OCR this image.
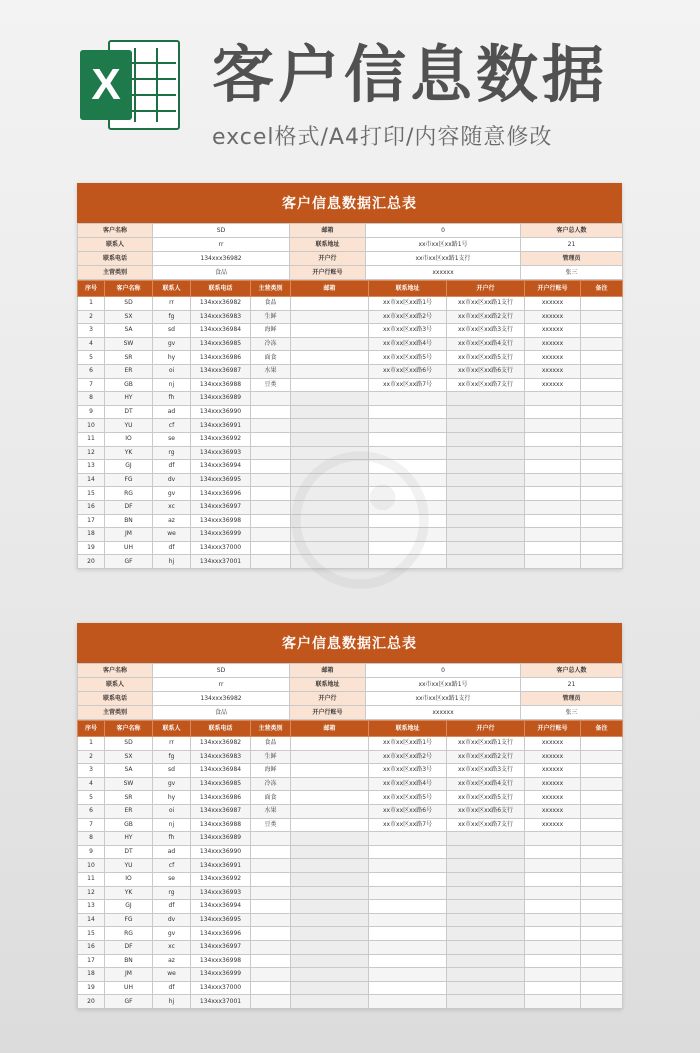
X 客户信息数据
excel格式/A4打印/内容随意修改
客户信息数据汇总表
客户名称	SD	邮箱	0	客户总人数
联系人	rr	联系地址	xx市xx区xx路1号	21
联系电话	134xxx36982	开户行	xx市xx区xx路1支行	管理员
主营类别	食品	开户行账号	xxxxxx	张三
序号	客户名称	联系人	联系电话	主营类别	邮箱	联系地址	开户行	开户行账号	备注
1	SD	rr	134xxx36982	食品		xx市xx区xx路1号	xx市xx区xx路1支行	xxxxxx	
2	SX	fg	134xxx36983	生鲜		xx市xx区xx路2号	xx市xx区xx路2支行	xxxxxx	
3	SA	sd	134xxx36984	海鲜		xx市xx区xx路3号	xx市xx区xx路3支行	xxxxxx	
4	SW	gv	134xxx36985	冷冻		xx市xx区xx路4号	xx市xx区xx路4支行	xxxxxx	
5	SR	hy	134xxx36986	面食		xx市xx区xx路5号	xx市xx区xx路5支行	xxxxxx	
6	ER	oi	134xxx36987	水果		xx市xx区xx路6号	xx市xx区xx路6支行	xxxxxx	
7	GB	nj	134xxx36988	豆类		xx市xx区xx路7号	xx市xx区xx路7支行	xxxxxx	
8	HY	fh	134xxx36989						
9	DT	ad	134xxx36990						
10	YU	cf	134xxx36991						
11	IO	se	134xxx36992						
12	YK	rg	134xxx36993						
13	GJ	df	134xxx36994						
14	FG	dv	134xxx36995						
15	RG	gv	134xxx36996						
16	DF	xc	134xxx36997						
17	BN	az	134xxx36998						
18	JM	we	134xxx36999						
19	UH	df	134xxx37000						
20	GF	hj	134xxx37001						
客户信息数据汇总表
客户名称	SD	邮箱	0	客户总人数
联系人	rr	联系地址	xx市xx区xx路1号	21
联系电话	134xxx36982	开户行	xx市xx区xx路1支行	管理员
主营类别	食品	开户行账号	xxxxxx	张三
序号	客户名称	联系人	联系电话	主营类别	邮箱	联系地址	开户行	开户行账号	备注
1	SD	rr	134xxx36982	食品		xx市xx区xx路1号	xx市xx区xx路1支行	xxxxxx	
2	SX	fg	134xxx36983	生鲜		xx市xx区xx路2号	xx市xx区xx路2支行	xxxxxx	
3	SA	sd	134xxx36984	海鲜		xx市xx区xx路3号	xx市xx区xx路3支行	xxxxxx	
4	SW	gv	134xxx36985	冷冻		xx市xx区xx路4号	xx市xx区xx路4支行	xxxxxx	
5	SR	hy	134xxx36986	面食		xx市xx区xx路5号	xx市xx区xx路5支行	xxxxxx	
6	ER	oi	134xxx36987	水果		xx市xx区xx路6号	xx市xx区xx路6支行	xxxxxx	
7	GB	nj	134xxx36988	豆类		xx市xx区xx路7号	xx市xx区xx路7支行	xxxxxx	
8	HY	fh	134xxx36989						
9	DT	ad	134xxx36990						
10	YU	cf	134xxx36991						
11	IO	se	134xxx36992						
12	YK	rg	134xxx36993						
13	GJ	df	134xxx36994						
14	FG	dv	134xxx36995						
15	RG	gv	134xxx36996						
16	DF	xc	134xxx36997						
17	BN	az	134xxx36998						
18	JM	we	134xxx36999						
19	UH	df	134xxx37000						
20	GF	hj	134xxx37001						
